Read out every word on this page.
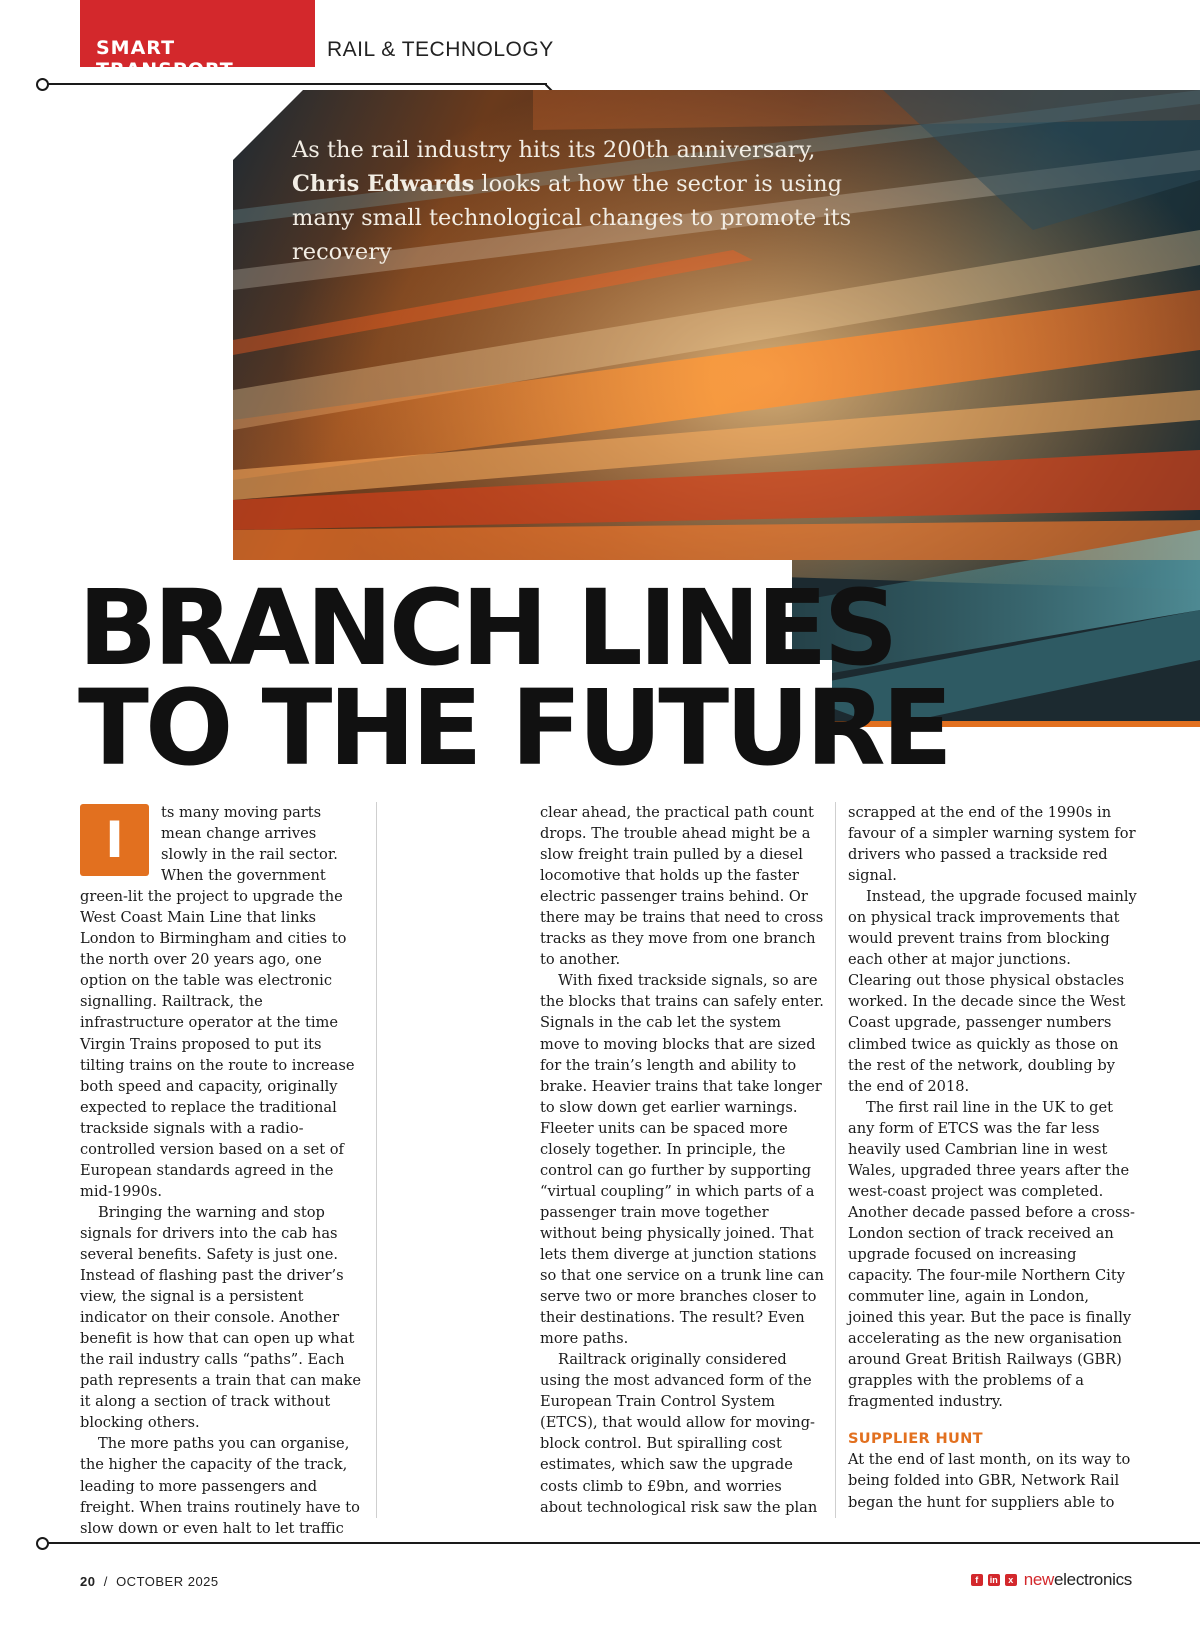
SMART TRANSPORT
RAIL & TECHNOLOGY
As the rail industry hits its 200th anniversary, Chris Edwards looks at how the sector is using many small technological changes to promote its recovery
BRANCH LINES
TO THE FUTURE
I	ts many moving parts mean change arrives slowly in the rail sector. When the government green-lit the project to upgrade the West Coast Main Line that links London to Birmingham and cities to the north over 20 years ago, one option on the table was electronic signalling. Railtrack, the infrastructure operator at the time Virgin Trains proposed to put its tilting trains on the route to increase both speed and capacity, originally expected to replace the traditional trackside signals with a radio-controlled version based on a set of European standards agreed in the mid-1990s.

Bringing the warning and stop signals for drivers into the cab has several benefits. Safety is just one. Instead of flashing past the driver’s view, the signal is a persistent indicator on their console. Another benefit is how that can open up what the rail industry calls “paths”. Each path represents a train that can make it along a section of track without blocking others.

The more paths you can organise, the higher the capacity of the track, leading to more passengers and freight. When trains routinely have to slow down or even halt to let traffic

clear ahead, the practical path count drops. The trouble ahead might be a slow freight train pulled by a diesel locomotive that holds up the faster electric passenger trains behind. Or there may be trains that need to cross tracks as they move from one branch to another.

With fixed trackside signals, so are the blocks that trains can safely enter. Signals in the cab let the system move to moving blocks that are sized for the train’s length and ability to brake. Heavier trains that take longer to slow down get earlier warnings. Fleeter units can be spaced more closely together. In principle, the control can go further by supporting “virtual coupling” in which parts of a passenger train move together without being physically joined. That lets them diverge at junction stations so that one service on a trunk line can serve two or more branches closer to their destinations. The result? Even more paths.

Railtrack originally considered using the most advanced form of the European Train Control System (ETCS), that would allow for moving-block control. But spiralling cost estimates, which saw the upgrade costs climb to £9bn, and worries about technological risk saw the plan

scrapped at the end of the 1990s in favour of a simpler warning system for drivers who passed a trackside red signal.

Instead, the upgrade focused mainly on physical track improvements that would prevent trains from blocking each other at major junctions. Clearing out those physical obstacles worked. In the decade since the West Coast upgrade, passenger numbers climbed twice as quickly as those on the rest of the network, doubling by the end of 2018.

The first rail line in the UK to get any form of ETCS was the far less heavily used Cambrian line in west Wales, upgraded three years after the west-coast project was completed. Another decade passed before a cross-London section of track received an upgrade focused on increasing capacity. The four-mile Northern City commuter line, again in London, joined this year. But the pace is finally accelerating as the new organisation around Great British Railways (GBR) grapples with the problems of a fragmented industry.

SUPPLIER HUNT

At the end of last month, on its way to being folded into GBR, Network Rail began the hunt for suppliers able to

20 / OCTOBER 2025	f	in	x newelectronics
